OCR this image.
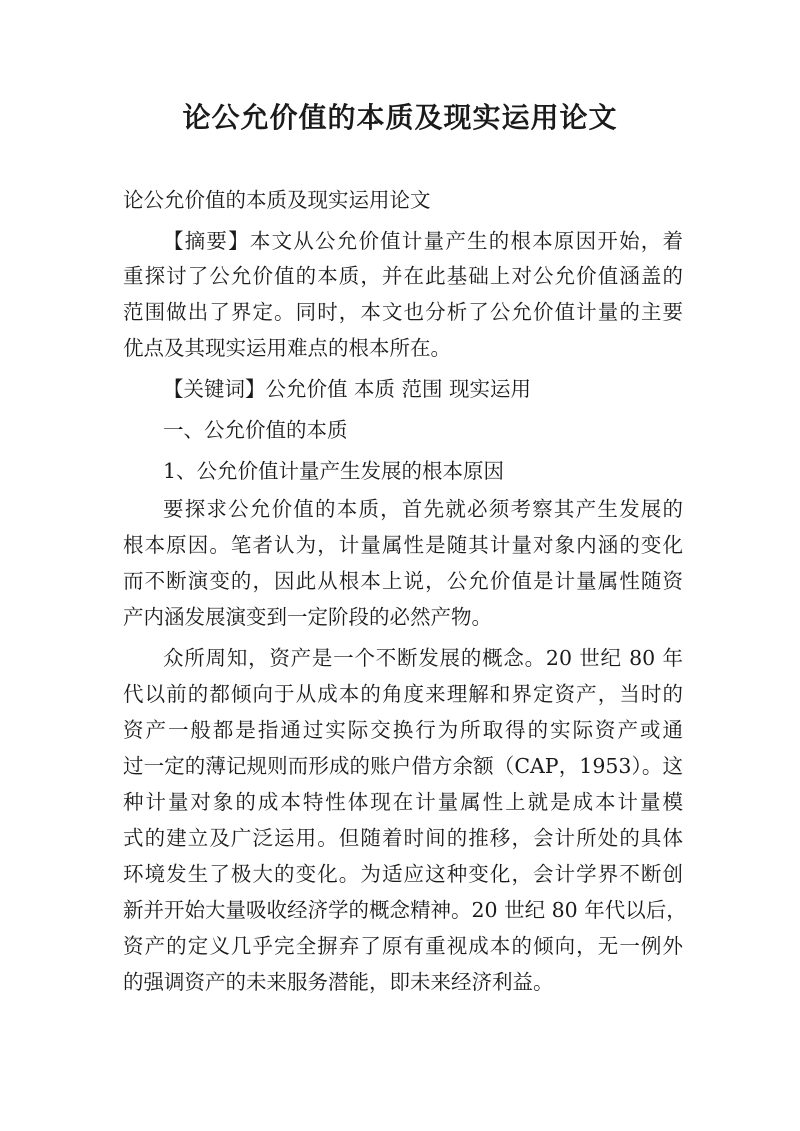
论公允价值的本质及现实运用论文
论公允价值的本质及现实运用论文
【摘要】本文从公允价值计量产生的根本原因开始，着
重探讨了公允价值的本质，并在此基础上对公允价值涵盖的
范围做出了界定。同时，本文也分析了公允价值计量的主要
优点及其现实运用难点的根本所在。
【关键词】公允价值 本质 范围 现实运用
一、公允价值的本质
1、公允价值计量产生发展的根本原因
要探求公允价值的本质，首先就必须考察其产生发展的
根本原因。笔者认为，计量属性是随其计量对象内涵的变化
而不断演变的，因此从根本上说，公允价值是计量属性随资
产内涵发展演变到一定阶段的必然产物。
众所周知，资产是一个不断发展的概念。20 世纪 80 年
代以前的都倾向于从成本的角度来理解和界定资产，当时的
资产一般都是指通过实际交换行为所取得的实际资产或通
过一定的薄记规则而形成的账户借方余额（CAP，1953）。这
种计量对象的成本特性体现在计量属性上就是成本计量模
式的建立及广泛运用。但随着时间的推移，会计所处的具体
环境发生了极大的变化。为适应这种变化，会计学界不断创
新并开始大量吸收经济学的概念精神。20 世纪 80 年代以后，
资产的定义几乎完全摒弃了原有重视成本的倾向，无一例外
的强调资产的未来服务潜能，即未来经济利益。
